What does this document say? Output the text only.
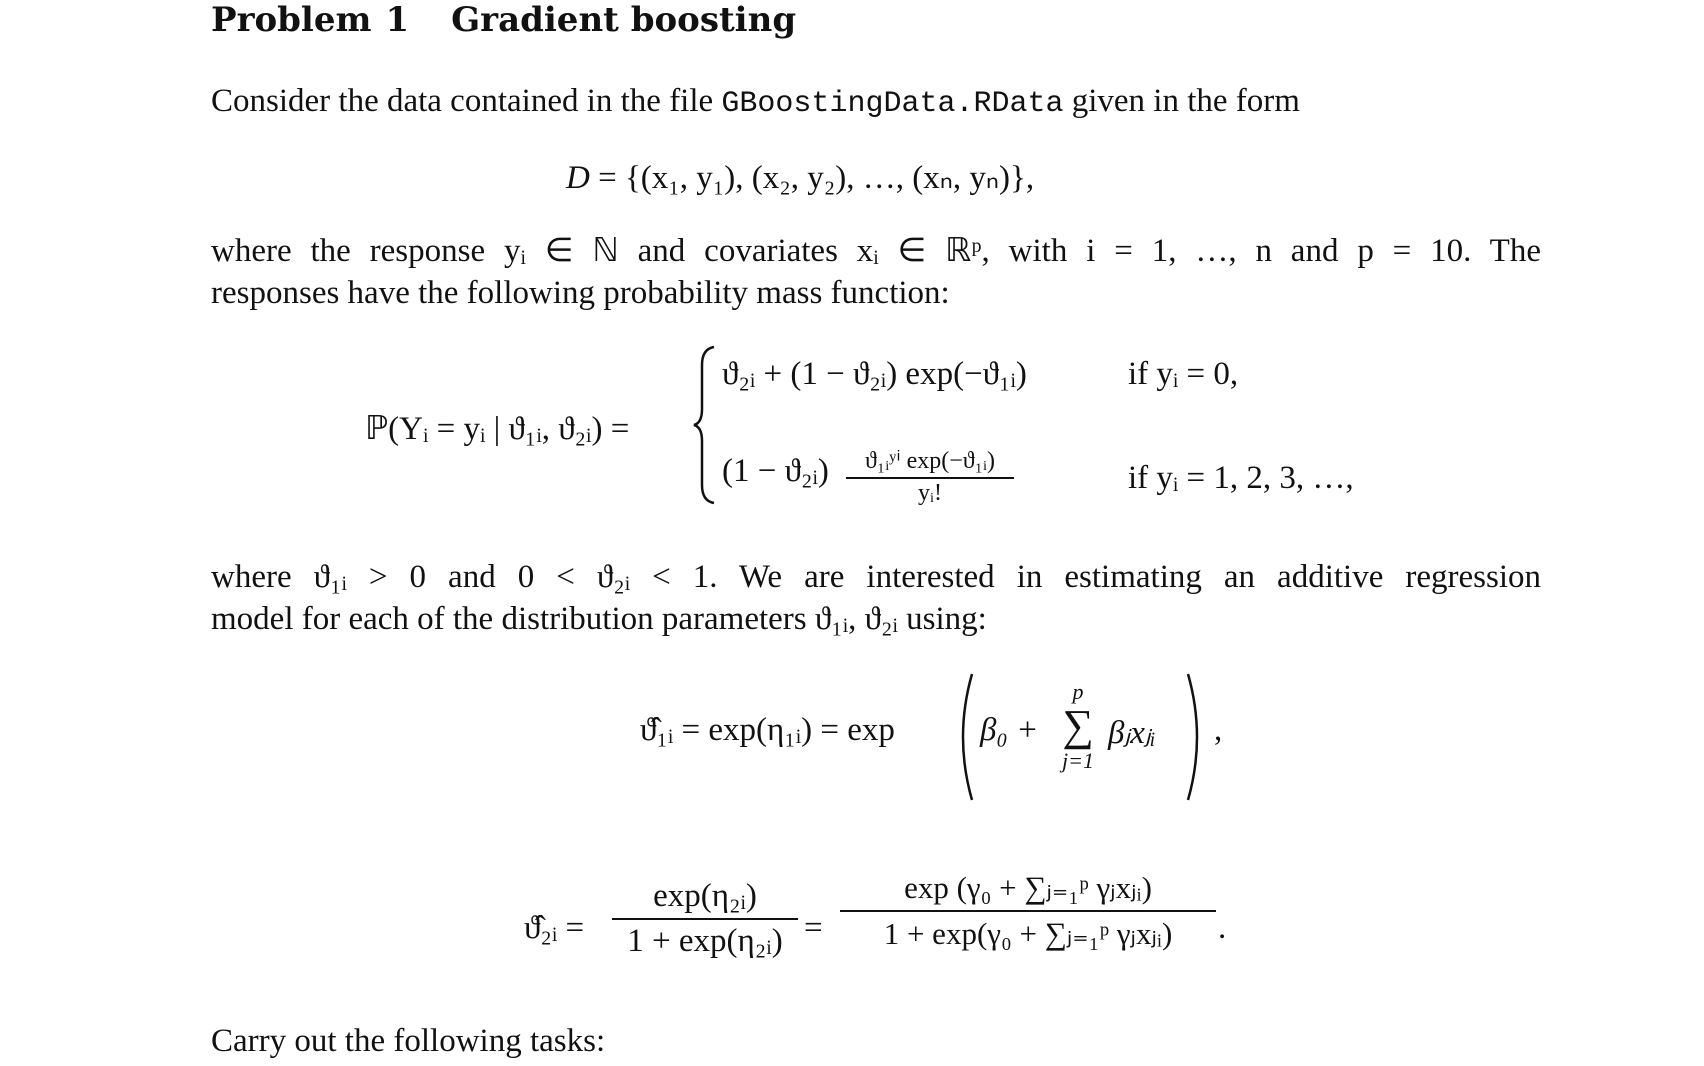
Problem 1 Gradient boosting
Consider the data contained in the file GBoostingData.RData given in the form
D = {(x₁, y₁), (x₂, y₂), …, (xₙ, yₙ)},
where the response yᵢ ∈ ℕ and covariates xᵢ ∈ ℝᵖ, with i = 1, …, n and p = 10. The
responses have the following probability mass function:
ℙ(Yᵢ = yᵢ | ϑ₁ᵢ, ϑ₂ᵢ) =
ϑ₂ᵢ + (1 − ϑ₂ᵢ) exp(−ϑ₁ᵢ)	if yᵢ = 0,
(1 − ϑ₂ᵢ)	ϑ₁ᵢʸⁱ exp(−ϑ₁ᵢ)
yᵢ!	if yᵢ = 1, 2, 3, …,
where ϑ₁ᵢ > 0 and 0 < ϑ₂ᵢ < 1. We are interested in estimating an additive regression
model for each of the distribution parameters ϑ₁ᵢ, ϑ₂ᵢ using:
ϑ̂₁ᵢ = exp(η₁ᵢ) = exp	β₀ +
p
∑
j=1
βⱼxⱼᵢ ,
ϑ̂₂ᵢ =
exp(η₂ᵢ)
1 + exp(η₂ᵢ) =
exp (γ₀ + ∑ⱼ₌₁ᵖ γⱼxⱼᵢ)
1 + exp(γ₀ + ∑ⱼ₌₁ᵖ γⱼxⱼᵢ)	.
Carry out the following tasks:
